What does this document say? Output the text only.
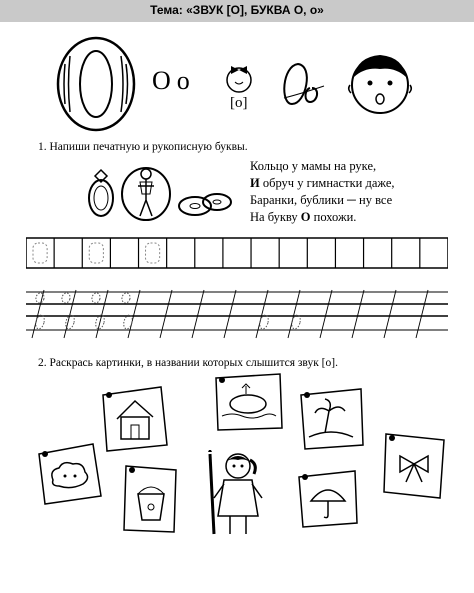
Тема: «ЗВУК [О], БУКВА О, о»
Оо
[о]
1. Напиши печатную и рукописную буквы.
Кольцо у мамы на руке,
И обруч у гимнастки даже,
Баранки, бублики ─ ну все
На букву О похожи.
2. Раскрась картинки, в названии которых слышится звук [о].
